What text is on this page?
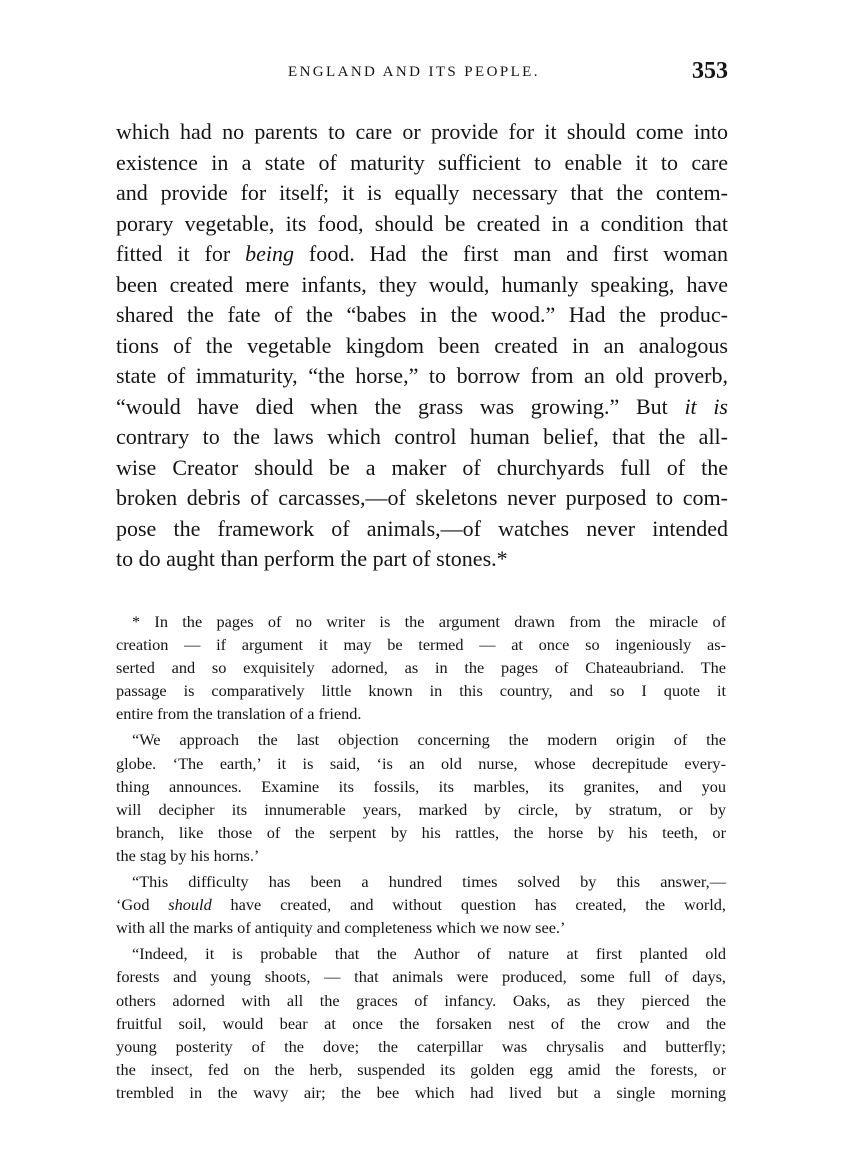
ENGLAND AND ITS PEOPLE.	353
which had no parents to care or provide for it should come into
existence in a state of maturity sufficient to enable it to care
and provide for itself; it is equally necessary that the contem-
porary vegetable, its food, should be created in a condition that
fitted it for being food. Had the first man and first woman
been created mere infants, they would, humanly speaking, have
shared the fate of the “babes in the wood.” Had the produc-
tions of the vegetable kingdom been created in an analogous
state of immaturity, “the horse,” to borrow from an old proverb,
“would have died when the grass was growing.” But it is
contrary to the laws which control human belief, that the all-
wise Creator should be a maker of churchyards full of the
broken debris of carcasses,—of skeletons never purposed to com-
pose the framework of animals,—of watches never intended
to do aught than perform the part of stones.*
* In the pages of no writer is the argument drawn from the miracle of
creation — if argument it may be termed — at once so ingeniously as-
serted and so exquisitely adorned, as in the pages of Chateaubriand. The
passage is comparatively little known in this country, and so I quote it
entire from the translation of a friend.
“We approach the last objection concerning the modern origin of the
globe. ‘The earth,’ it is said, ‘is an old nurse, whose decrepitude every-
thing announces. Examine its fossils, its marbles, its granites, and you
will decipher its innumerable years, marked by circle, by stratum, or by
branch, like those of the serpent by his rattles, the horse by his teeth, or
the stag by his horns.’
“This difficulty has been a hundred times solved by this answer,—
‘God should have created, and without question has created, the world,
with all the marks of antiquity and completeness which we now see.’
“Indeed, it is probable that the Author of nature at first planted old
forests and young shoots, — that animals were produced, some full of days,
others adorned with all the graces of infancy. Oaks, as they pierced the
fruitful soil, would bear at once the forsaken nest of the crow and the
young posterity of the dove; the caterpillar was chrysalis and butterfly;
the insect, fed on the herb, suspended its golden egg amid the forests, or
trembled in the wavy air; the bee which had lived but a single morning
